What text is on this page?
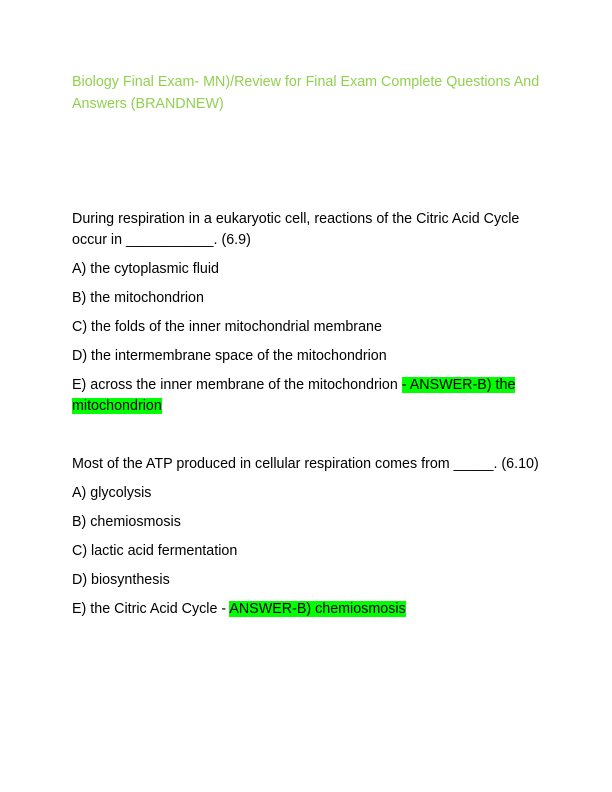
Biology Final Exam- MN)/Review for Final Exam Complete Questions And Answers (BRANDNEW)

During respiration in a eukaryotic cell, reactions of the Citric Acid Cycle occur in ___________. (6.9)

A) the cytoplasmic fluid

B) the mitochondrion

C) the folds of the inner mitochondrial membrane

D) the intermembrane space of the mitochondrion

E) across the inner membrane of the mitochondrion - ANSWER-B) the mitochondrion

Most of the ATP produced in cellular respiration comes from _____. (6.10)

A) glycolysis

B) chemiosmosis

C) lactic acid fermentation

D) biosynthesis

E) the Citric Acid Cycle - ANSWER-B) chemiosmosis
